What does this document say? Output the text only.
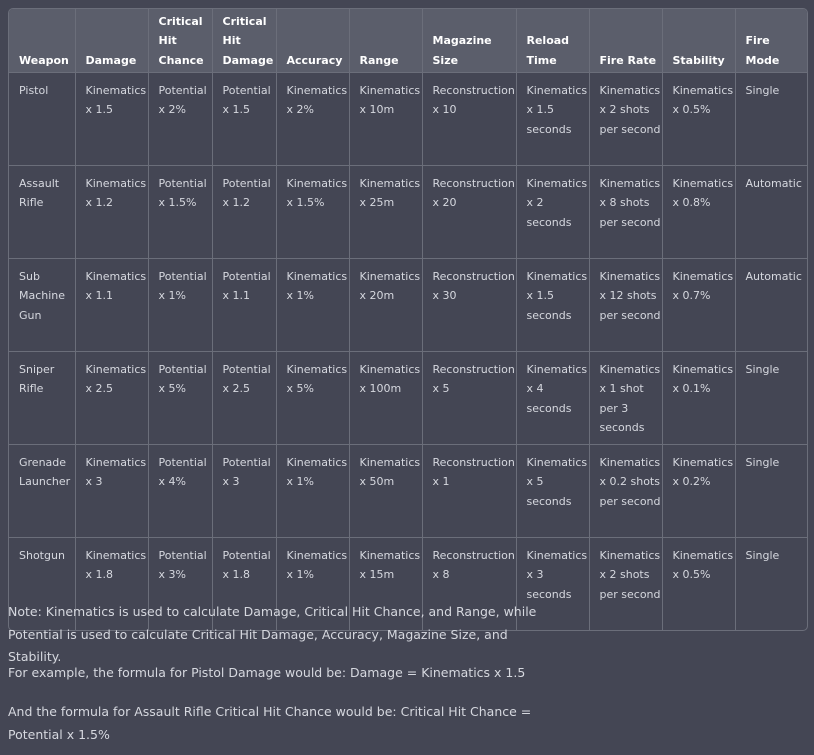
Weapon	Damage	Critical Hit Chance	Critical Hit Damage	Accuracy	Range	Magazine Size	Reload Time	Fire Rate	Stability	Fire Mode
Pistol	Kinematics x 1.5	Potential x 2%	Potential x 1.5	Kinematics x 2%	Kinematics x 10m	Reconstruction x 10	Kinematics x 1.5 seconds	Kinematics x 2 shots per second	Kinematics x 0.5%	Single
Assault Rifle	Kinematics x 1.2	Potential x 1.5%	Potential x 1.2	Kinematics x 1.5%	Kinematics x 25m	Reconstruction x 20	Kinematics x 2 seconds	Kinematics x 8 shots per second	Kinematics x 0.8%	Automatic
Sub Machine Gun	Kinematics x 1.1	Potential x 1%	Potential x 1.1	Kinematics x 1%	Kinematics x 20m	Reconstruction x 30	Kinematics x 1.5 seconds	Kinematics x 12 shots per second	Kinematics x 0.7%	Automatic
Sniper Rifle	Kinematics x 2.5	Potential x 5%	Potential x 2.5	Kinematics x 5%	Kinematics x 100m	Reconstruction x 5	Kinematics x 4 seconds	Kinematics x 1 shot per 3 seconds	Kinematics x 0.1%	Single
Grenade Launcher	Kinematics x 3	Potential x 4%	Potential x 3	Kinematics x 1%	Kinematics x 50m	Reconstruction x 1	Kinematics x 5 seconds	Kinematics x 0.2 shots per second	Kinematics x 0.2%	Single
Shotgun	Kinematics x 1.8	Potential x 3%	Potential x 1.8	Kinematics x 1%	Kinematics x 15m	Reconstruction x 8	Kinematics x 3 seconds	Kinematics x 2 shots per second	Kinematics x 0.5%	Single

Note: Kinematics is used to calculate Damage, Critical Hit Chance, and Range, while Potential is used to calculate Critical Hit Damage, Accuracy, Magazine Size, and Stability.

For example, the formula for Pistol Damage would be: Damage = Kinematics x 1.5

And the formula for Assault Rifle Critical Hit Chance would be: Critical Hit Chance = Potential x 1.5%
